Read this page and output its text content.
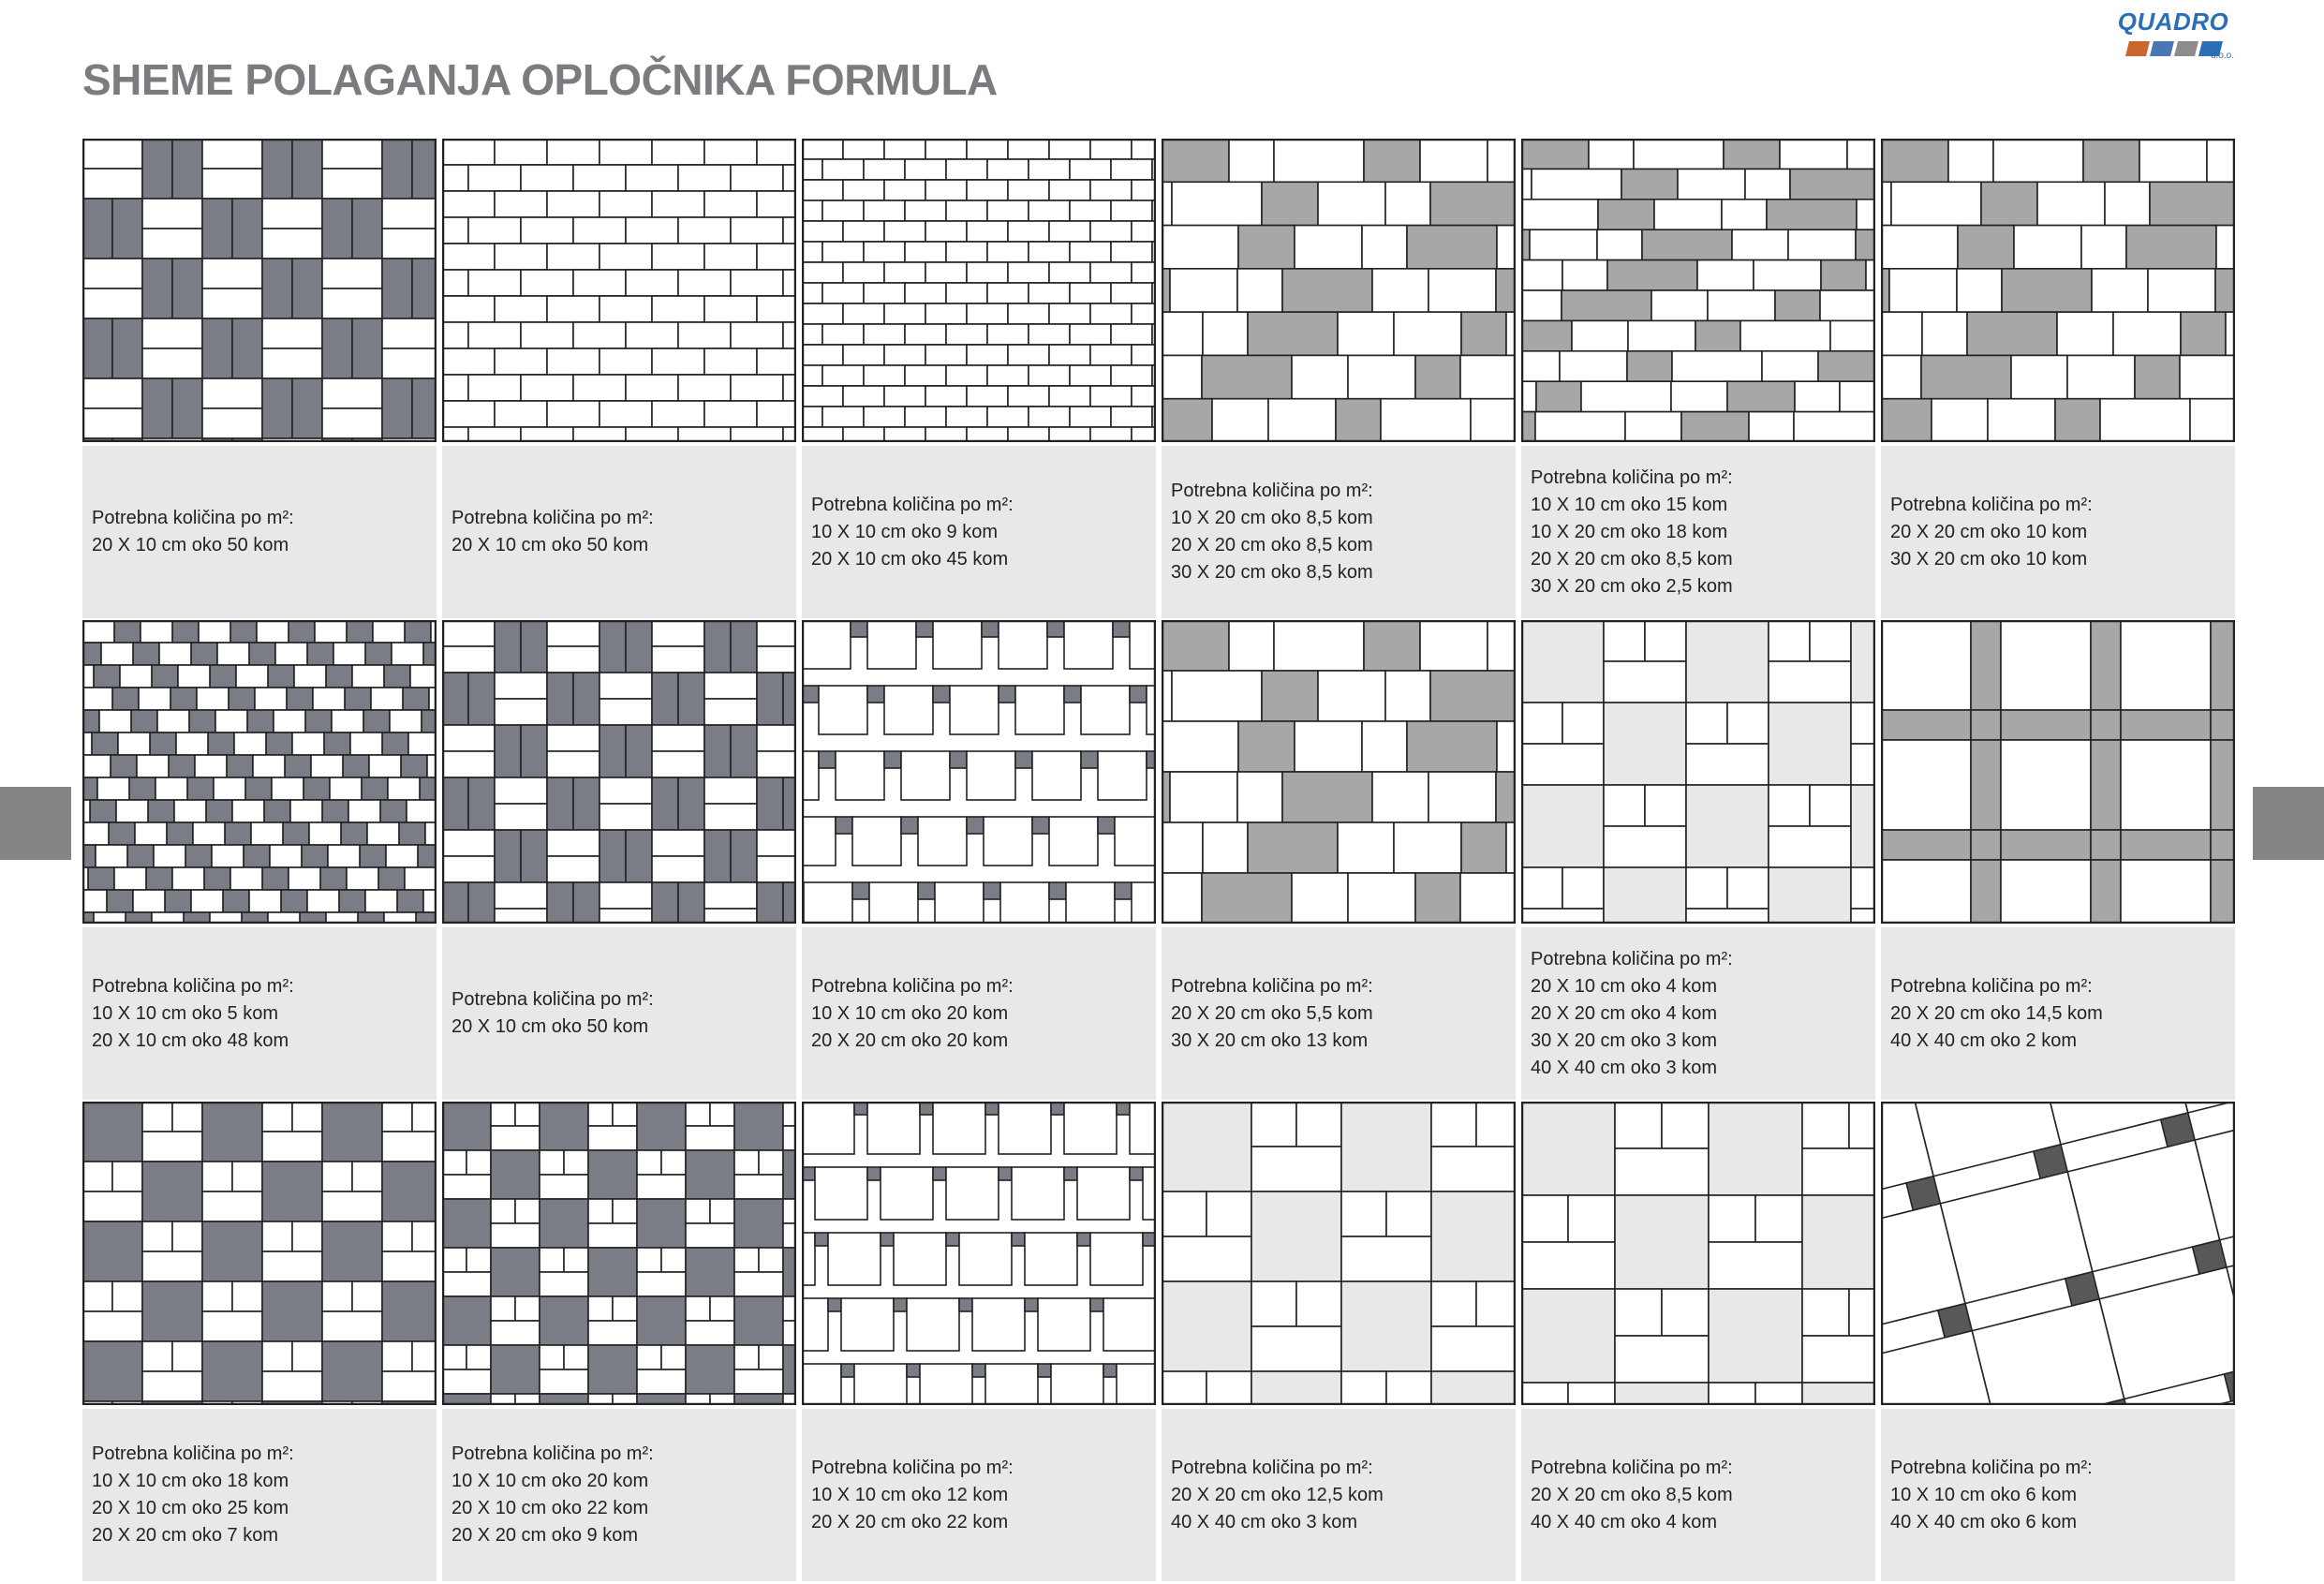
SHEME POLAGANJA OPLOČNIKA FORMULA
QUADRO
d.o.o.
Potrebna količina po m²:
20 X 10 cm oko 50 kom
Potrebna količina po m²:
20 X 10 cm oko 50 kom
Potrebna količina po m²:
10 X 10 cm oko 9 kom
20 X 10 cm oko 45 kom
Potrebna količina po m²:
10 X 20 cm oko 8,5 kom
20 X 20 cm oko 8,5 kom
30 X 20 cm oko 8,5 kom
Potrebna količina po m²:
10 X 10 cm oko 15 kom
10 X 20 cm oko 18 kom
20 X 20 cm oko 8,5 kom
30 X 20 cm oko 2,5 kom
Potrebna količina po m²:
20 X 20 cm oko 10 kom
30 X 20 cm oko 10 kom
Potrebna količina po m²:
10 X 10 cm oko 5 kom
20 X 10 cm oko 48 kom
Potrebna količina po m²:
20 X 10 cm oko 50 kom
Potrebna količina po m²:
10 X 10 cm oko 20 kom
20 X 20 cm oko 20 kom
Potrebna količina po m²:
20 X 20 cm oko 5,5 kom
30 X 20 cm oko 13 kom
Potrebna količina po m²:
20 X 10 cm oko 4 kom
20 X 20 cm oko 4 kom
30 X 20 cm oko 3 kom
40 X 40 cm oko 3 kom
Potrebna količina po m²:
20 X 20 cm oko 14,5 kom
40 X 40 cm oko 2 kom
Potrebna količina po m²:
10 X 10 cm oko 18 kom
20 X 10 cm oko 25 kom
20 X 20 cm oko 7 kom
Potrebna količina po m²:
10 X 10 cm oko 20 kom
20 X 10 cm oko 22 kom
20 X 20 cm oko 9 kom
Potrebna količina po m²:
10 X 10 cm oko 12 kom
20 X 20 cm oko 22 kom
Potrebna količina po m²:
20 X 20 cm oko 12,5 kom
40 X 40 cm oko 3 kom
Potrebna količina po m²:
20 X 20 cm oko 8,5 kom
40 X 40 cm oko 4 kom
Potrebna količina po m²:
10 X 10 cm oko 6 kom
40 X 40 cm oko 6 kom
